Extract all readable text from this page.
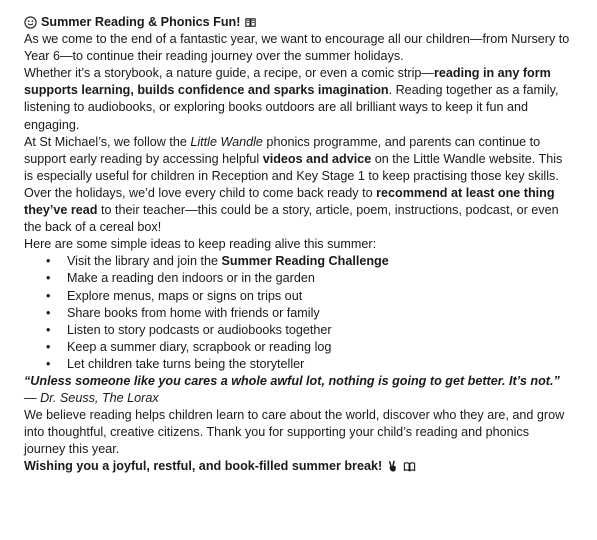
Summer Reading & Phonics Fun!

As we come to the end of a fantastic year, we want to encourage all our children—from Nursery to Year 6—to continue their reading journey over the summer holidays.

Whether it’s a storybook, a nature guide, a recipe, or even a comic strip—reading in any form supports learning, builds confidence and sparks imagination. Reading together as a family, listening to audiobooks, or exploring books outdoors are all brilliant ways to keep it fun and engaging.

At St Michael’s, we follow the Little Wandle phonics programme, and parents can continue to support early reading by accessing helpful videos and advice on the Little Wandle website. This is especially useful for children in Reception and Key Stage 1 to keep practising those key skills.

Over the holidays, we’d love every child to come back ready to recommend at least one thing they’ve read to their teacher—this could be a story, article, poem, instructions, podcast, or even the back of a cereal box!

Here are some simple ideas to keep reading alive this summer:

• Visit the library and join the Summer Reading Challenge
• Make a reading den indoors or in the garden
• Explore menus, maps or signs on trips out
• Share books from home with friends or family
• Listen to story podcasts or audiobooks together
• Keep a summer diary, scrapbook or reading log
• Let children take turns being the storyteller

“Unless someone like you cares a whole awful lot, nothing is going to get better. It’s not.”

— Dr. Seuss, The Lorax

We believe reading helps children learn to care about the world, discover who they are, and grow into thoughtful, creative citizens. Thank you for supporting your child’s reading and phonics journey this year.

Wishing you a joyful, restful, and book-filled summer break!
